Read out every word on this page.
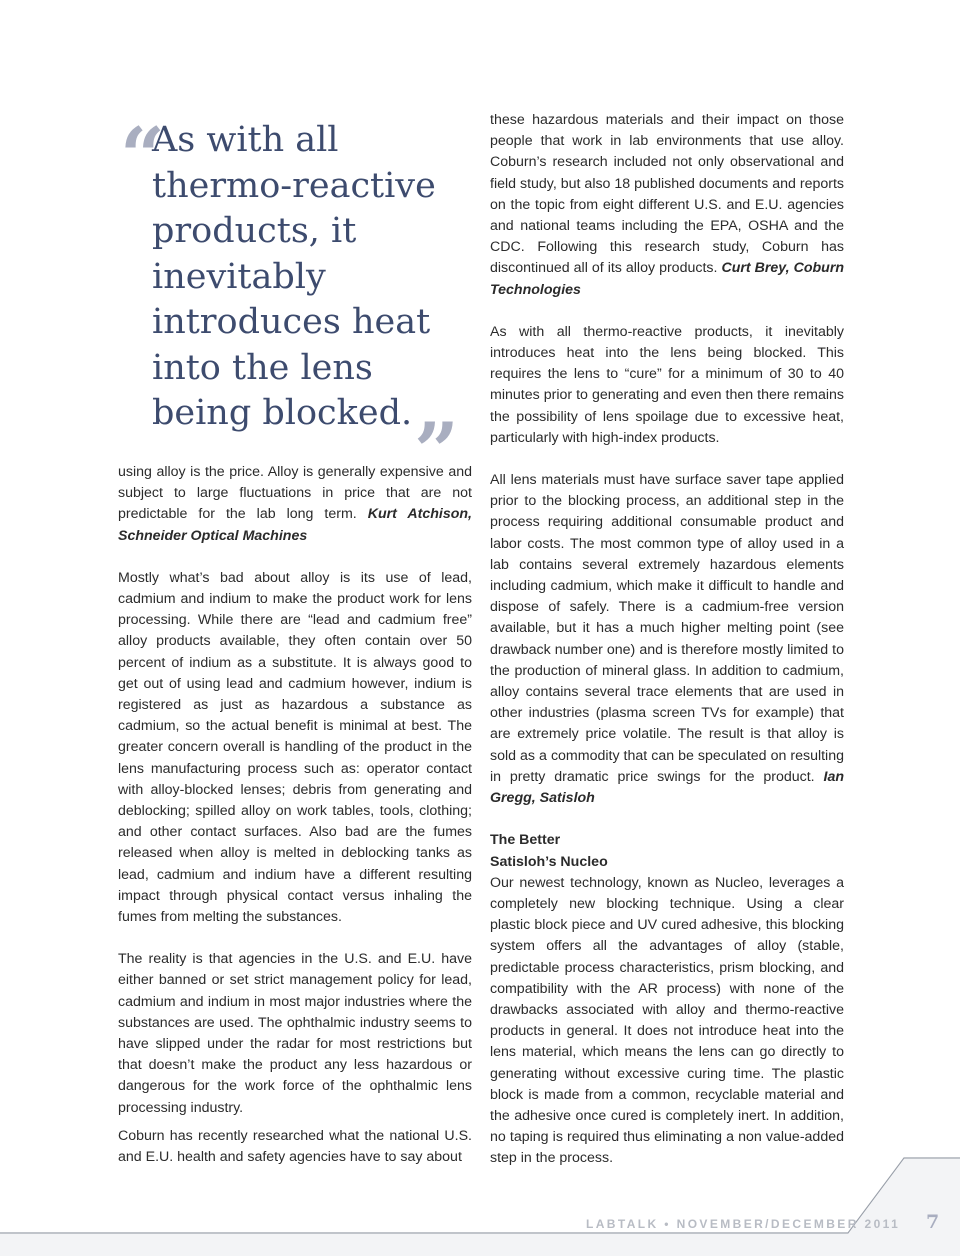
“

As with all thermo-reactive products, it inevitably introduces heat into the lens being blocked. ”

using alloy is the price. Alloy is generally expensive and subject to large fluctuations in price that are not predictable for the lab long term. Kurt Atchison, Schneider Optical Machines

Mostly what’s bad about alloy is its use of lead, cadmium and indium to make the product work for lens processing. While there are “lead and cadmium free” alloy products available, they often contain over 50 percent of indium as a substitute. It is always good to get out of using lead and cadmium however, indium is registered as just as hazardous a substance as cadmium, so the actual benefit is minimal at best. The greater concern overall is handling of the product in the lens manufacturing process such as: operator contact with alloy-blocked lenses; debris from generating and deblocking; spilled alloy on work tables, tools, clothing; and other contact surfaces. Also bad are the fumes released when alloy is melted in deblocking tanks as lead, cadmium and indium have a different resulting impact through physical contact versus inhaling the fumes from melting the substances.

The reality is that agencies in the U.S. and E.U. have either banned or set strict management policy for lead, cadmium and indium in most major industries where the substances are used. The ophthalmic industry seems to have slipped under the radar for most restrictions but that doesn’t make the product any less hazardous or dangerous for the work force of the ophthalmic lens processing industry.

Coburn has recently researched what the national U.S. and E.U. health and safety agencies have to say about

these hazardous materials and their impact on those people that work in lab environments that use alloy. Coburn’s research included not only observational and field study, but also 18 published documents and reports on the topic from eight different U.S. and E.U. agencies and national teams including the EPA, OSHA and the CDC. Following this research study, Coburn has discontinued all of its alloy products. Curt Brey, Coburn Technologies

As with all thermo-reactive products, it inevitably introduces heat into the lens being blocked. This requires the lens to “cure” for a minimum of 30 to 40 minutes prior to generating and even then there remains the possibility of lens spoilage due to excessive heat, particularly with high-index products.

All lens materials must have surface saver tape applied prior to the blocking process, an additional step in the process requiring additional consumable product and labor costs. The most common type of alloy used in a lab contains several extremely hazardous elements including cadmium, which make it difficult to handle and dispose of safely. There is a cadmium-free version available, but it has a much higher melting point (see drawback number one) and is therefore mostly limited to the production of mineral glass. In addition to cadmium, alloy contains several trace elements that are used in other industries (plasma screen TVs for example) that are extremely price volatile. The result is that alloy is sold as a commodity that can be speculated on resulting in pretty dramatic price swings for the product. Ian Gregg, Satisloh

The Better
Satisloh’s Nucleo

Our newest technology, known as Nucleo, leverages a completely new blocking technique. Using a clear plastic block piece and UV cured adhesive, this blocking system offers all the advantages of alloy (stable, predictable process characteristics, prism blocking, and compatibility with the AR process) with none of the drawbacks associated with alloy and thermo-reactive products in general. It does not introduce heat into the lens material, which means the lens can go directly to generating without excessive curing time. The plastic block is made from a common, recyclable material and the adhesive once cured is completely inert. In addition, no taping is required thus eliminating a non value-added step in the process.

LABTALK • NOVEMBER/DECEMBER 2011 7
